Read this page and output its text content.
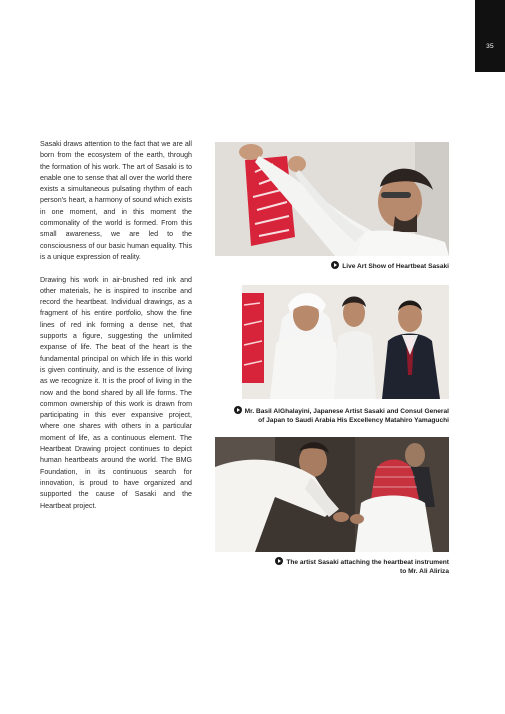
35

Sasaki draws attention to the fact that we are all born from the ecosystem of the earth, through the formation of his work. The art of Sasaki is to enable one to sense that all over the world there exists a simultaneous pulsating rhythm of each person's heart, a harmony of sound which exists in one moment, and in this moment the commonality of the world is formed. From this small awareness, we are led to the consciousness of our basic human equality. This is a unique expression of reality.

Drawing his work in air-brushed red ink and other materials, he is inspired to inscribe and record the heartbeat. Individual drawings, as a fragment of his entire portfolio, show the fine lines of red ink forming a dense net, that supports a figure, suggesting the unlimited expanse of life. The beat of the heart is the fundamental principal on which life in this world is given continuity, and is the essence of living as we recognize it. It is the proof of living in the now and the bond shared by all life forms. The common ownership of this work is drawn from participating in this ever expansive project, where one shares with others in a particular moment of life, as a continuous element. The Heartbeat Drawing project continues to depict human heartbeats around the world. The BMG Foundation, in its continuous search for innovation, is proud to have organized and supported the cause of Sasaki and the Heartbeat project.

Live Art Show of Heartbeat Sasaki
Mr. Basil AlGhalayini, Japanese Artist Sasaki and Consul General
of Japan to Saudi Arabia His Excellency Matahiro Yamaguchi
The artist Sasaki attaching the heartbeat instrument
to Mr. Ali Aliriza
